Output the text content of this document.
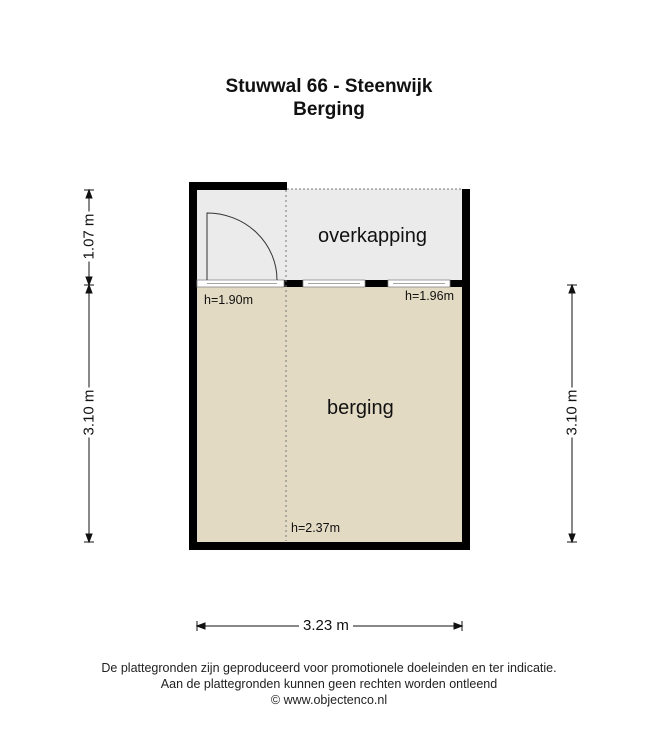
Stuwwal 66 - Steenwijk
Berging
overkapping
berging
h=1.90m	h=1.96m
h=2.37m
1.07 m
3.10 m	3.10 m
3.23 m
De plattegronden zijn geproduceerd voor promotionele doeleinden en ter indicatie.
Aan de plattegronden kunnen geen rechten worden ontleend
© www.objectenco.nl
